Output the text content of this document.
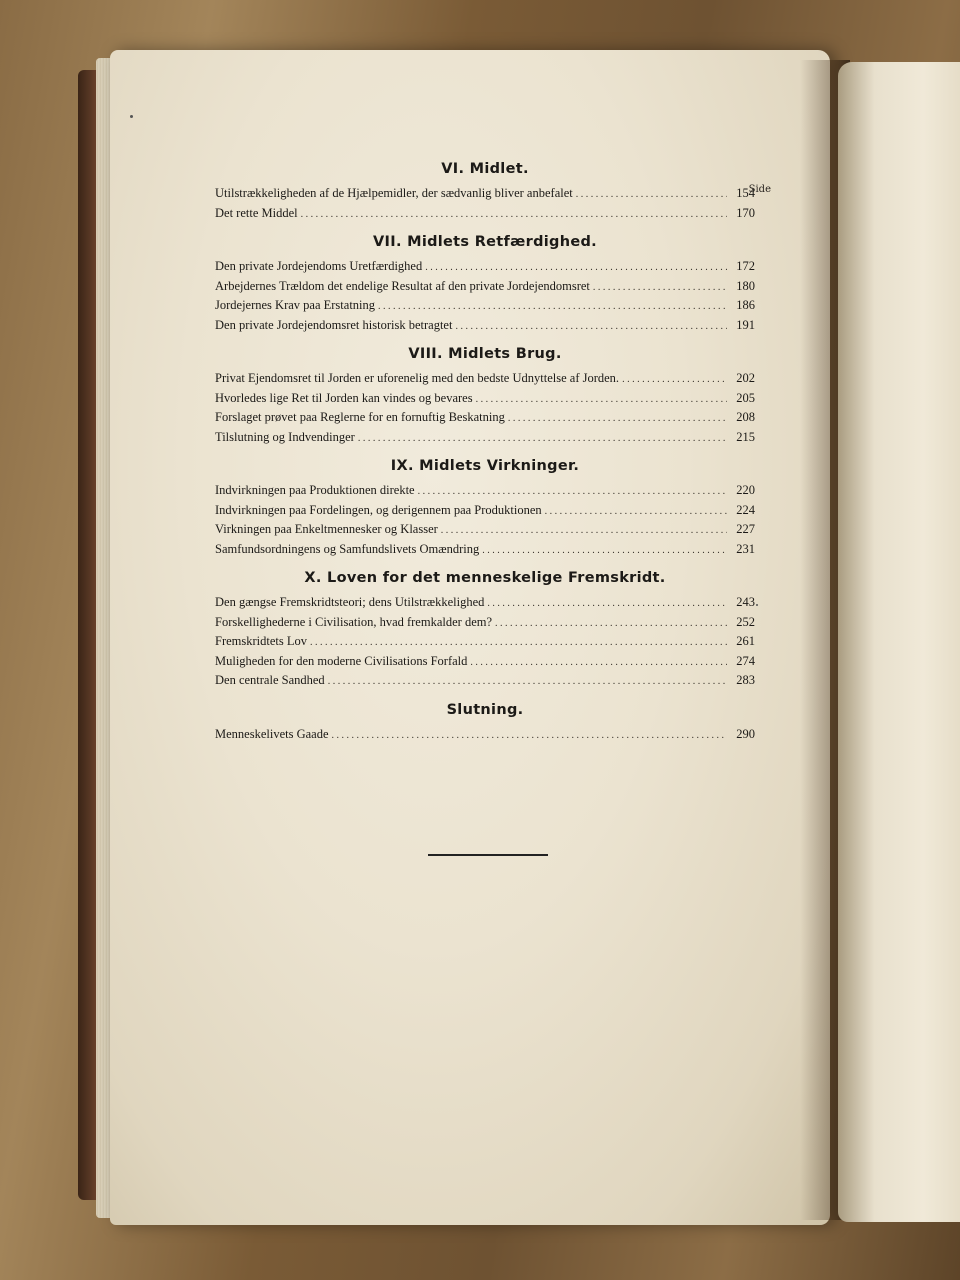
Side
VI. Midlet.
Utilstrækkeligheden af de Hjælpemidler, der sædvanlig bliver anbefalet . . .	154
Det rette Middel . . .	170
VII. Midlets Retfærdighed.
Den private Jordejendoms Uretfærdighed . . .	172
Arbejdernes Trældom det endelige Resultat af den private Jordejendomsret . . .	180
Jordejernes Krav paa Erstatning . . .	186
Den private Jordejendomsret historisk betragtet . . .	191
VIII. Midlets Brug.
Privat Ejendomsret til Jorden er uforenelig med den bedste Udnyttelse af Jorden. . . .	202
Hvorledes lige Ret til Jorden kan vindes og bevares . . .	205
Forslaget prøvet paa Reglerne for en fornuftig Beskatning . . .	208
Tilslutning og Indvendinger . . .	215
IX. Midlets Virkninger.
Indvirkningen paa Produktionen direkte . . .	220
Indvirkningen paa Fordelingen, og derigennem paa Produktionen . . .	224
Virkningen paa Enkeltmennesker og Klasser . . .	227
Samfundsordningens og Samfundslivets Omændring . . .	231
X. Loven for det menneskelige Fremskridt.
Den gængse Fremskridtsteori; dens Utilstrækkelighed . . .	243
Forskellighederne i Civilisation, hvad fremkalder dem? . . .	252
Fremskridtets Lov . . .	261
Muligheden for den moderne Civilisations Forfald . . .	274
Den centrale Sandhed . . .	283
Slutning.
Menneskelivets Gaade . . .	290
